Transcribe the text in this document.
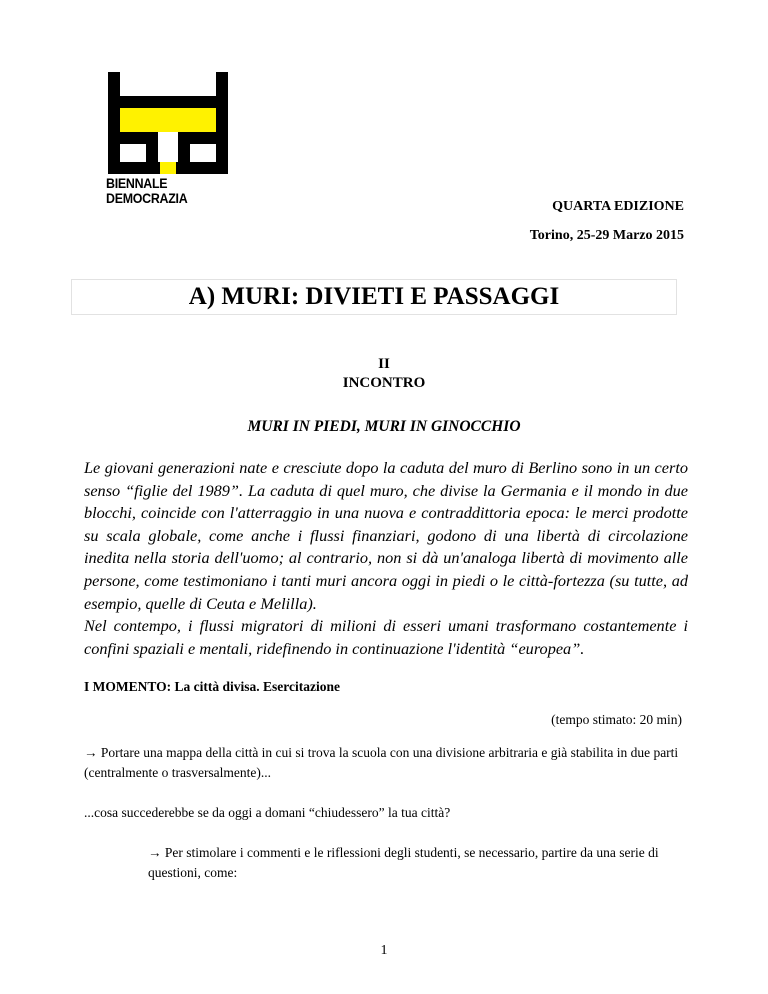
BIENNALE DEMOCRAZIA
QUARTA EDIZIONE
Torino, 25-29 Marzo 2015
A) MURI: DIVIETI E PASSAGGI
II
INCONTRO
MURI IN PIEDI, MURI IN GINOCCHIO

Le giovani generazioni nate e cresciute dopo la caduta del muro di Berlino sono in un certo senso “figlie del 1989”. La caduta di quel muro, che divise la Germania e il mondo in due blocchi, coincide con l'atterraggio in una nuova e contraddittoria epoca: le merci prodotte su scala globale, come anche i flussi finanziari, godono di una libertà di circolazione inedita nella storia dell'uomo; al contrario, non si dà un'analoga libertà di movimento alle persone, come testimoniano i tanti muri ancora oggi in piedi o le città-fortezza (su tutte, ad esempio, quelle di Ceuta e Melilla).

Nel contempo, i flussi migratori di milioni di esseri umani trasformano costantemente i confini spaziali e mentali, ridefinendo in continuazione l'identità “europea”.

I MOMENTO: La città divisa. Esercitazione
(tempo stimato: 20 min)
→ Portare una mappa della città in cui si trova la scuola con una divisione arbitraria e già stabilita in due parti (centralmente o trasversalmente)...
...cosa succederebbe se da oggi a domani “chiudessero” la tua città?
→ Per stimolare i commenti e le riflessioni degli studenti, se necessario, partire da una serie di questioni, come:
1
